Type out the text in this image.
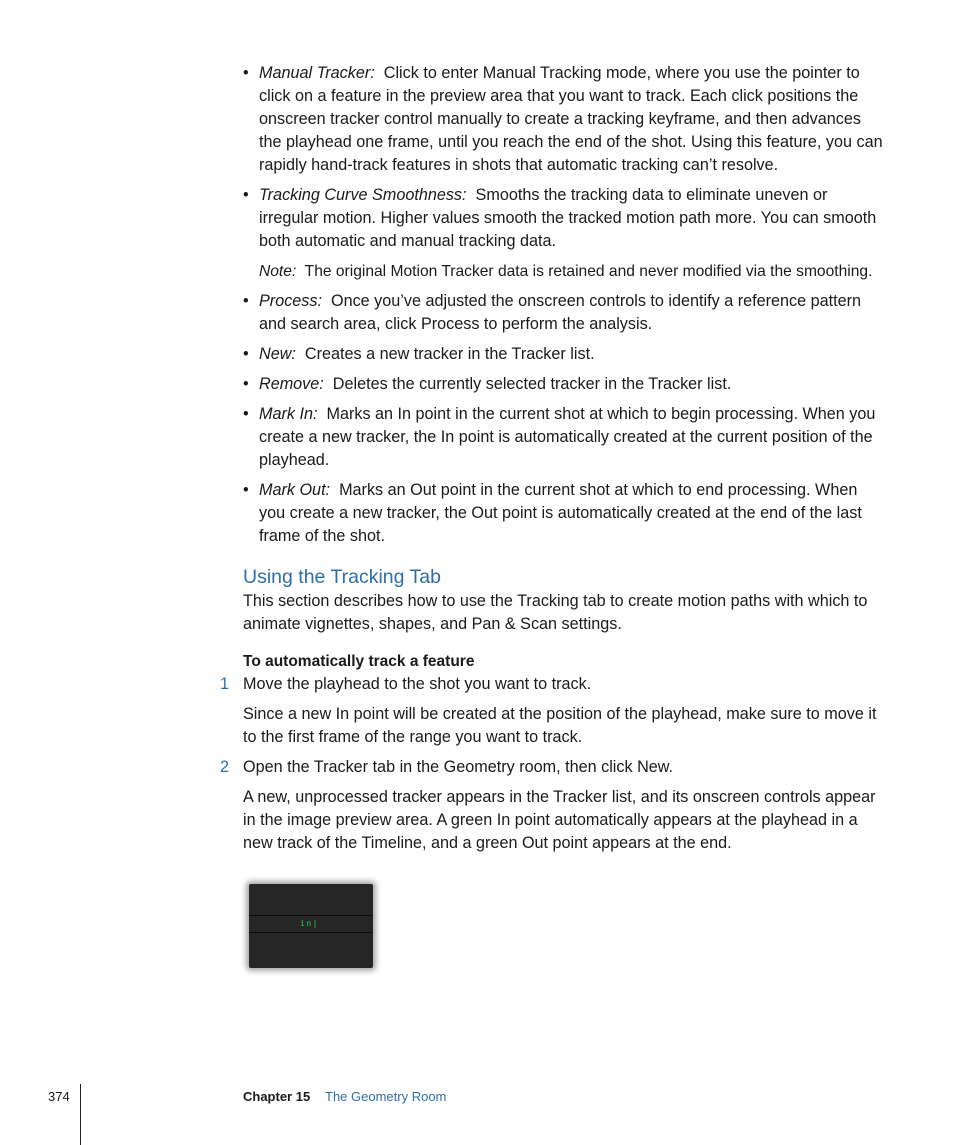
• Manual Tracker: Click to enter Manual Tracking mode, where you use the pointer to click on a feature in the preview area that you want to track. Each click positions the onscreen tracker control manually to create a tracking keyframe, and then advances the playhead one frame, until you reach the end of the shot. Using this feature, you can rapidly hand-track features in shots that automatic tracking can’t resolve.
• Tracking Curve Smoothness: Smooths the tracking data to eliminate uneven or irregular motion. Higher values smooth the tracked motion path more. You can smooth both automatic and manual tracking data.
Note: The original Motion Tracker data is retained and never modified via the smoothing.
• Process: Once you’ve adjusted the onscreen controls to identify a reference pattern and search area, click Process to perform the analysis.
• New: Creates a new tracker in the Tracker list.
• Remove: Deletes the currently selected tracker in the Tracker list.
• Mark In: Marks an In point in the current shot at which to begin processing. When you create a new tracker, the In point is automatically created at the current position of the playhead.
• Mark Out: Marks an Out point in the current shot at which to end processing. When you create a new tracker, the Out point is automatically created at the end of the last frame of the shot.
Using the Tracking Tab
This section describes how to use the Tracking tab to create motion paths with which to animate vignettes, shapes, and Pan & Scan settings.
To automatically track a feature
1 Move the playhead to the shot you want to track.
Since a new In point will be created at the position of the playhead, make sure to move it to the first frame of the range you want to track.
2 Open the Tracker tab in the Geometry room, then click New.
A new, unprocessed tracker appears in the Tracker list, and its onscreen controls appear in the image preview area. A green In point automatically appears at the playhead in a new track of the Timeline, and a green Out point appears at the end.
in|
374	Chapter 15 The Geometry Room
